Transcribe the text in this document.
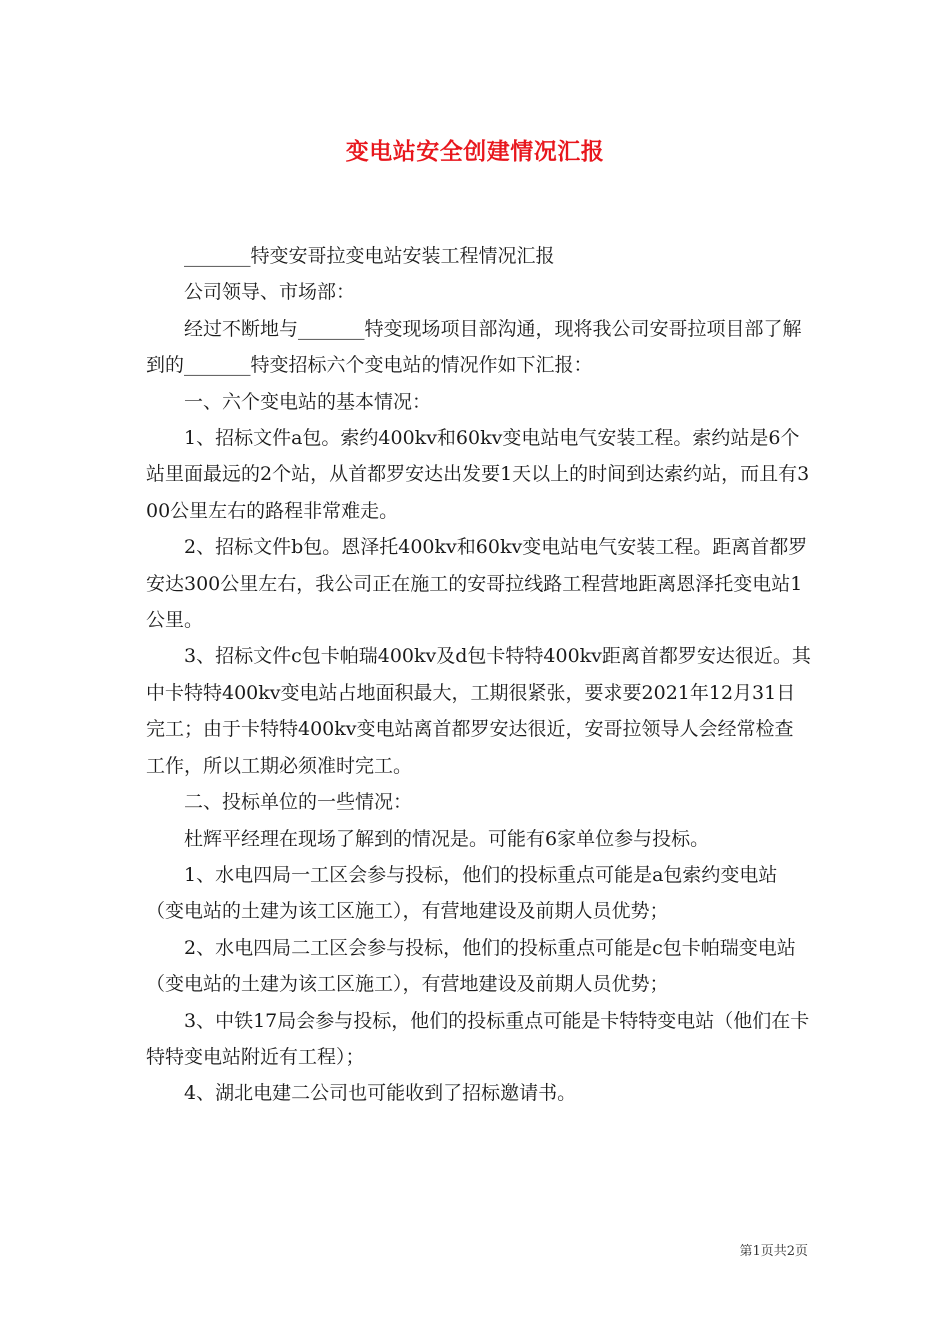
变电站安全创建情况汇报

_______特变安哥拉变电站安装工程情况汇报

公司领导、市场部：

经过不断地与_______特变现场项目部沟通，现将我公司安哥拉项目部了解到的_______特变招标六个变电站的情况作如下汇报：

一、六个变电站的基本情况：

1、招标文件a包。索约400kv和60kv变电站电气安装工程。索约站是6个站里面最远的2个站，从首都罗安达出发要1天以上的时间到达索约站，而且有300公里左右的路程非常难走。

2、招标文件b包。恩泽托400kv和60kv变电站电气安装工程。距离首都罗安达300公里左右，我公司正在施工的安哥拉线路工程营地距离恩泽托变电站1公里。

3、招标文件c包卡帕瑞400kv及d包卡特特400kv距离首都罗安达很近。其中卡特特400kv变电站占地面积最大，工期很紧张，要求要2021年12月31日完工；由于卡特特400kv变电站离首都罗安达很近，安哥拉领导人会经常检查工作，所以工期必须准时完工。

二、投标单位的一些情况：

杜辉平经理在现场了解到的情况是。可能有6家单位参与投标。

1、水电四局一工区会参与投标，他们的投标重点可能是a包索约变电站（变电站的土建为该工区施工），有营地建设及前期人员优势；

2、水电四局二工区会参与投标，他们的投标重点可能是c包卡帕瑞变电站（变电站的土建为该工区施工），有营地建设及前期人员优势；

3、中铁17局会参与投标，他们的投标重点可能是卡特特变电站（他们在卡特特变电站附近有工程）；

4、湖北电建二公司也可能收到了招标邀请书。

第1页共2页
